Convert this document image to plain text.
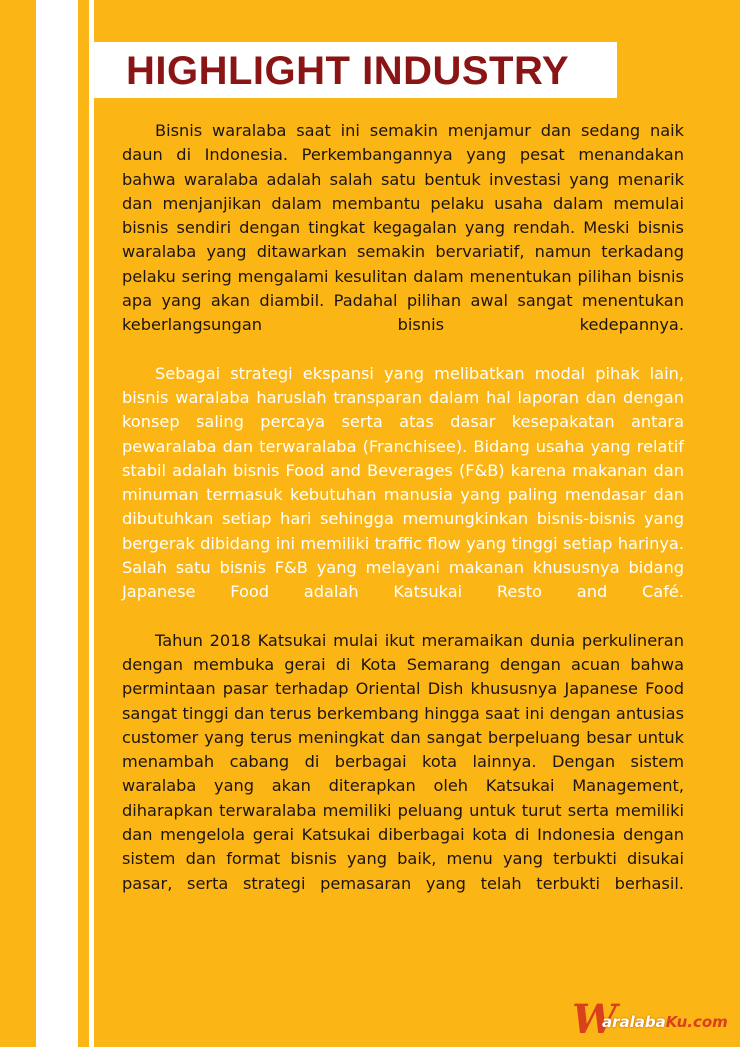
HIGHLIGHT INDUSTRY

Bisnis waralaba saat ini semakin menjamur dan sedang naik daun di Indonesia. Perkembangannya yang pesat menandakan bahwa waralaba adalah salah satu bentuk investasi yang menarik dan menjanjikan dalam membantu pelaku usaha dalam memulai bisnis sendiri dengan tingkat kegagalan yang rendah. Meski bisnis waralaba yang ditawarkan semakin bervariatif, namun terkadang pelaku sering mengalami kesulitan dalam menentukan pilihan bisnis apa yang akan diambil. Padahal pilihan awal sangat menentukan keberlangsungan bisnis kedepannya.

Sebagai strategi ekspansi yang melibatkan modal pihak lain, bisnis waralaba haruslah transparan dalam hal laporan dan dengan konsep saling percaya serta atas dasar kesepakatan antara pewaralaba dan terwaralaba (Franchisee). Bidang usaha yang relatif stabil adalah bisnis Food and Beverages (F&B) karena makanan dan minuman termasuk kebutuhan manusia yang paling mendasar dan dibutuhkan setiap hari sehingga memungkinkan bisnis-bisnis yang bergerak dibidang ini memiliki traffic flow yang tinggi setiap harinya. Salah satu bisnis F&B yang melayani makanan khususnya bidang Japanese Food adalah Katsukai Resto and Café.

Tahun 2018 Katsukai mulai ikut meramaikan dunia perkulineran dengan membuka gerai di Kota Semarang dengan acuan bahwa permintaan pasar terhadap Oriental Dish khususnya Japanese Food sangat tinggi dan terus berkembang hingga saat ini dengan antusias customer yang terus meningkat dan sangat berpeluang besar untuk menambah cabang di berbagai kota lainnya. Dengan sistem waralaba yang akan diterapkan oleh Katsukai Management, diharapkan terwaralaba memiliki peluang untuk turut serta memiliki dan mengelola gerai Katsukai diberbagai kota di Indonesia dengan sistem dan format bisnis yang baik, menu yang terbukti disukai pasar, serta strategi pemasaran yang telah terbukti berhasil.

W
aralabaKu.com
